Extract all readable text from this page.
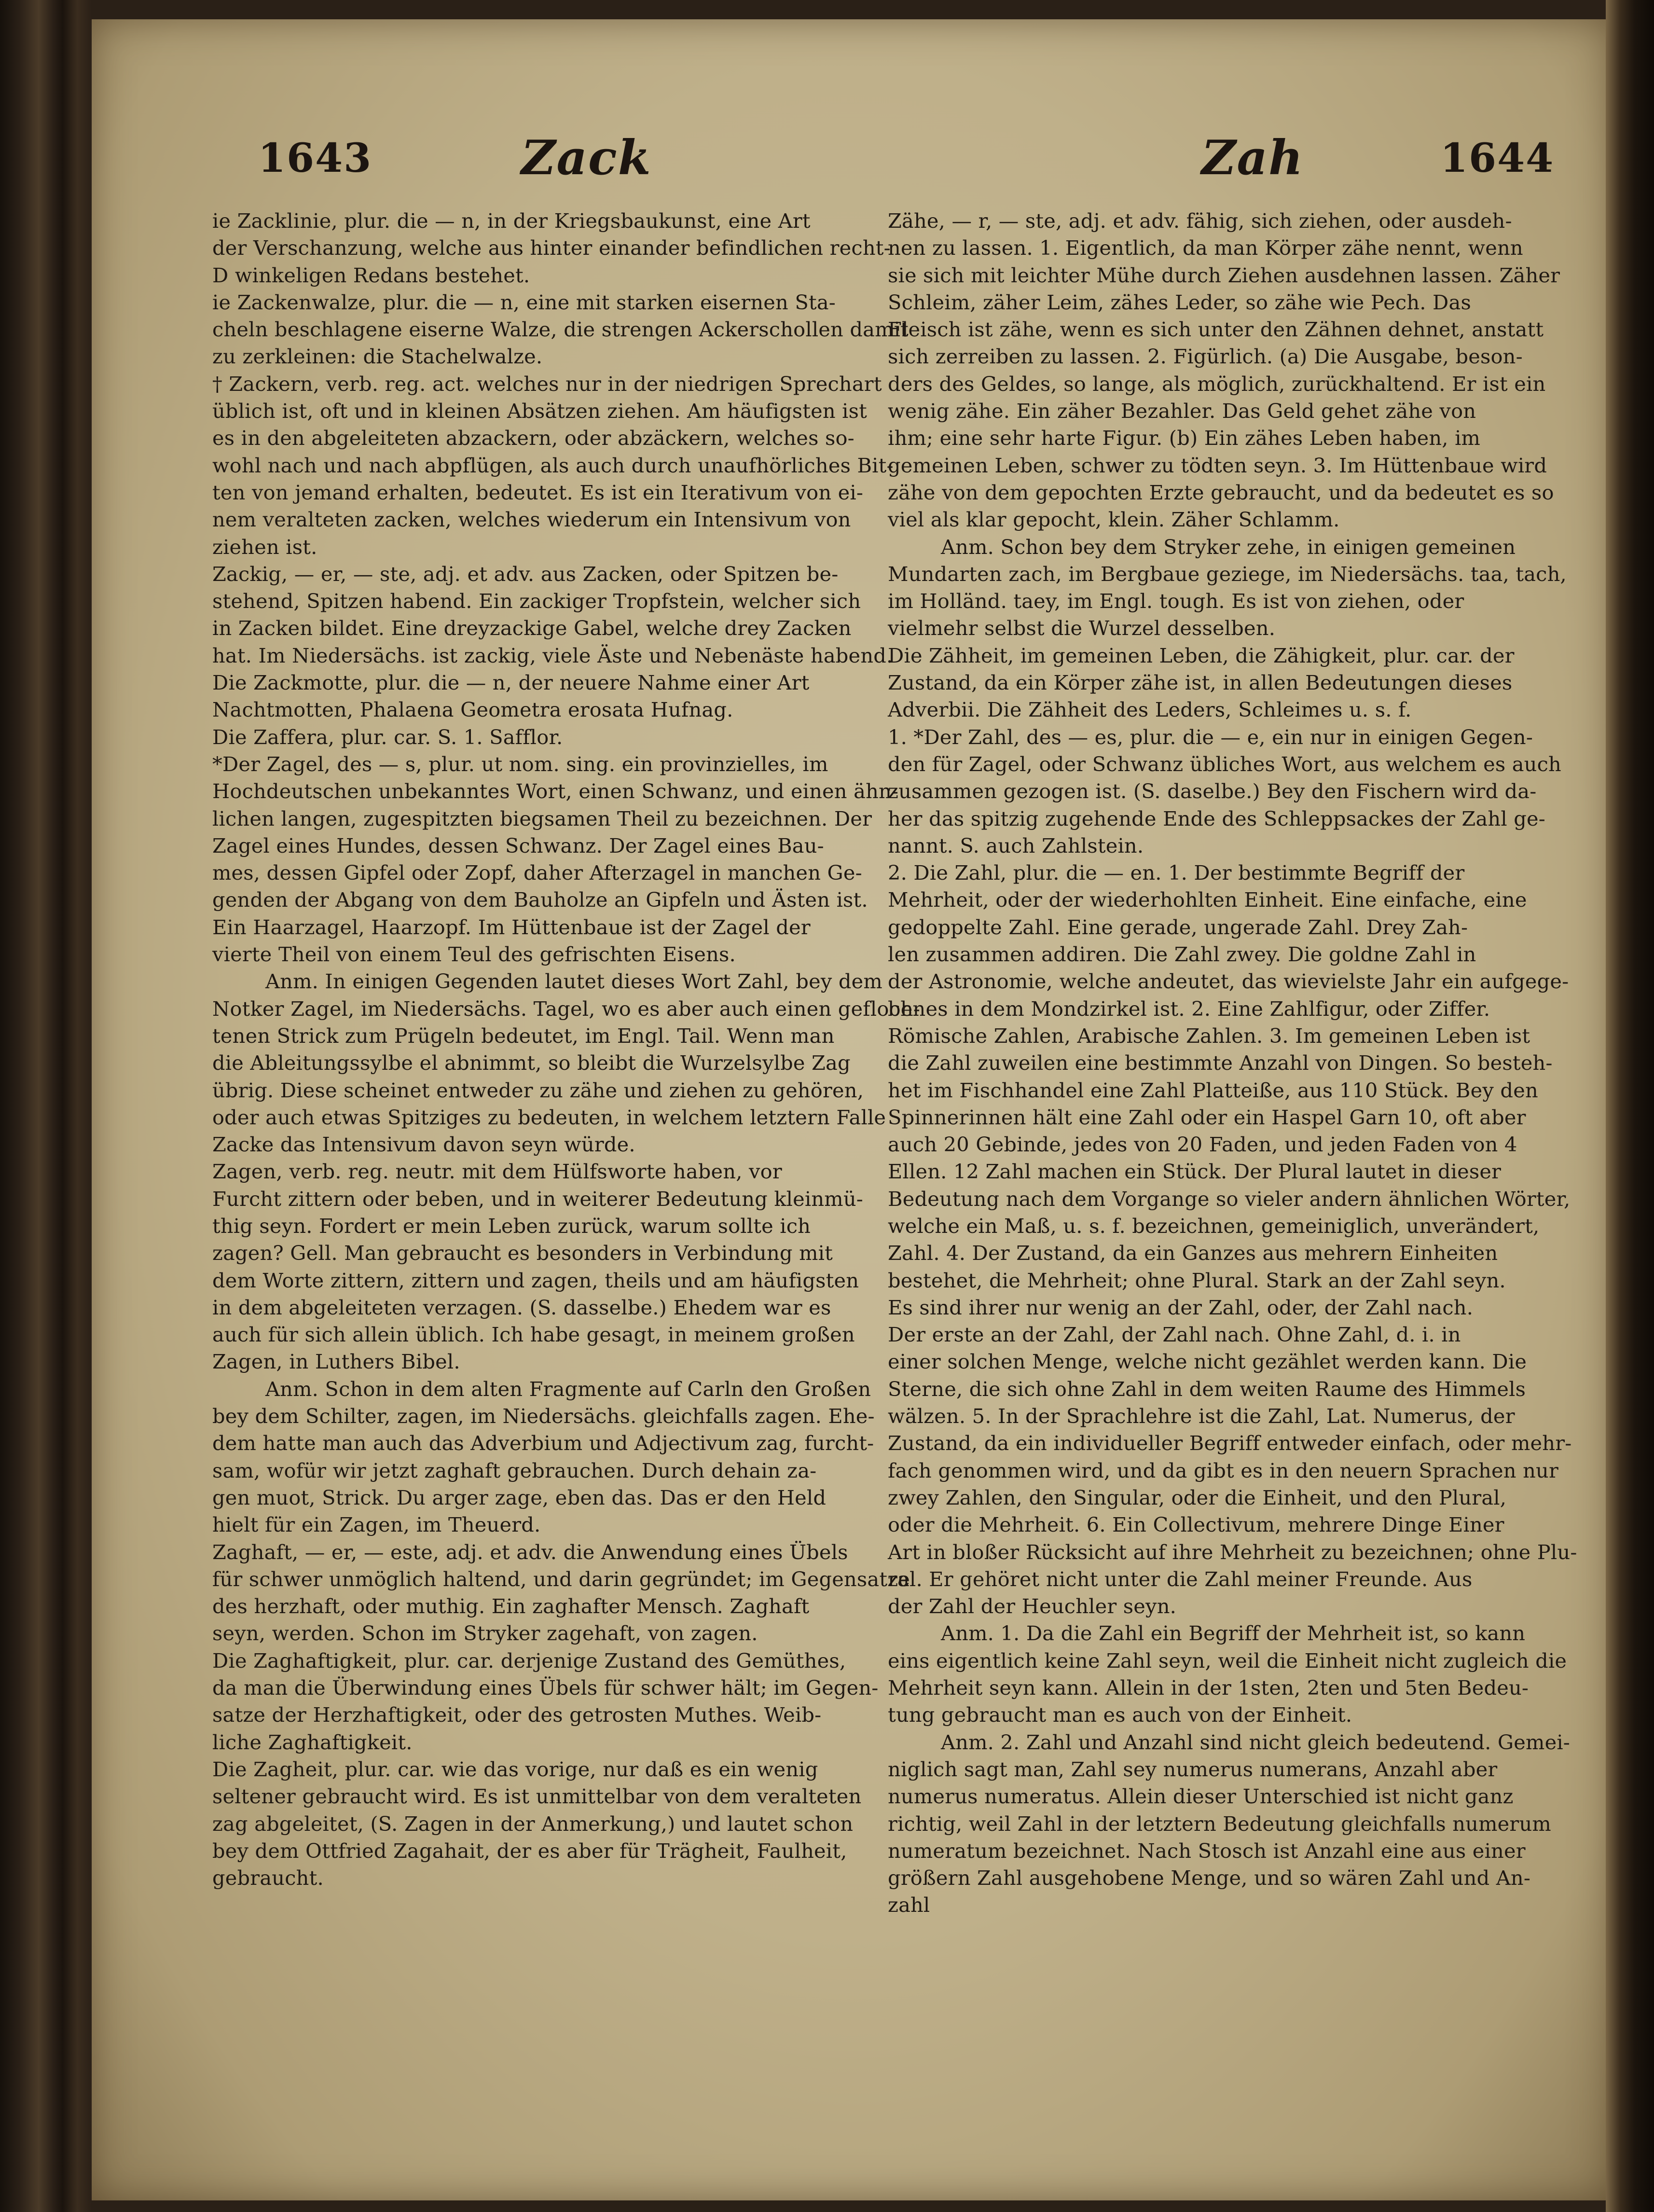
1643	Zack	Zah	1644
ie Zacklinie, plur. die — n, in der Kriegsbaukunst, eine Art
der Verschanzung, welche aus hinter einander befindlichen recht-
D winkeligen Redans bestehet.
ie Zackenwalze, plur. die — n, eine mit starken eisernen Sta-
cheln beschlagene eiserne Walze, die strengen Ackerschollen damit
zu zerkleinen: die Stachelwalze.
† Zackern, verb. reg. act. welches nur in der niedrigen Sprechart
üblich ist, oft und in kleinen Absätzen ziehen. Am häufigsten ist
es in den abgeleiteten abzackern, oder abzäckern, welches so-
wohl nach und nach abpflügen, als auch durch unaufhörliches Bit-
ten von jemand erhalten, bedeutet. Es ist ein Iterativum von ei-
nem veralteten zacken, welches wiederum ein Intensivum von
ziehen ist.
Zackig, — er, — ste, adj. et adv. aus Zacken, oder Spitzen be-
stehend, Spitzen habend. Ein zackiger Tropfstein, welcher sich
in Zacken bildet. Eine dreyzackige Gabel, welche drey Zacken
hat. Im Niedersächs. ist zackig, viele Äste und Nebenäste habend.
Die Zackmotte, plur. die — n, der neuere Nahme einer Art
Nachtmotten, Phalaena Geometra erosata Hufnag.
Die Zaffera, plur. car. S. 1. Safflor.
*Der Zagel, des — s, plur. ut nom. sing. ein provinzielles, im
Hochdeutschen unbekanntes Wort, einen Schwanz, und einen ähn-
lichen langen, zugespitzten biegsamen Theil zu bezeichnen. Der
Zagel eines Hundes, dessen Schwanz. Der Zagel eines Bau-
mes, dessen Gipfel oder Zopf, daher Afterzagel in manchen Ge-
genden der Abgang von dem Bauholze an Gipfeln und Ästen ist.
Ein Haarzagel, Haarzopf. Im Hüttenbaue ist der Zagel der
vierte Theil von einem Teul des gefrischten Eisens.
Anm. In einigen Gegenden lautet dieses Wort Zahl, bey dem
Notker Zagel, im Niedersächs. Tagel, wo es aber auch einen gefloch-
tenen Strick zum Prügeln bedeutet, im Engl. Tail. Wenn man
die Ableitungssylbe el abnimmt, so bleibt die Wurzelsylbe Zag
übrig. Diese scheinet entweder zu zähe und ziehen zu gehören,
oder auch etwas Spitziges zu bedeuten, in welchem letztern Falle
Zacke das Intensivum davon seyn würde.
Zagen, verb. reg. neutr. mit dem Hülfsworte haben, vor
Furcht zittern oder beben, und in weiterer Bedeutung kleinmü-
thig seyn. Fordert er mein Leben zurück, warum sollte ich
zagen? Gell. Man gebraucht es besonders in Verbindung mit
dem Worte zittern, zittern und zagen, theils und am häufigsten
in dem abgeleiteten verzagen. (S. dasselbe.) Ehedem war es
auch für sich allein üblich. Ich habe gesagt, in meinem großen
Zagen, in Luthers Bibel.
Anm. Schon in dem alten Fragmente auf Carln den Großen
bey dem Schilter, zagen, im Niedersächs. gleichfalls zagen. Ehe-
dem hatte man auch das Adverbium und Adjectivum zag, furcht-
sam, wofür wir jetzt zaghaft gebrauchen. Durch dehain za-
gen muot, Strick. Du arger zage, eben das. Das er den Held
hielt für ein Zagen, im Theuerd.
Zaghaft, — er, — este, adj. et adv. die Anwendung eines Übels
für schwer unmöglich haltend, und darin gegründet; im Gegensatze
des herzhaft, oder muthig. Ein zaghafter Mensch. Zaghaft
seyn, werden. Schon im Stryker zagehaft, von zagen.
Die Zaghaftigkeit, plur. car. derjenige Zustand des Gemüthes,
da man die Überwindung eines Übels für schwer hält; im Gegen-
satze der Herzhaftigkeit, oder des getrosten Muthes. Weib-
liche Zaghaftigkeit.
Die Zagheit, plur. car. wie das vorige, nur daß es ein wenig
seltener gebraucht wird. Es ist unmittelbar von dem veralteten
zag abgeleitet, (S. Zagen in der Anmerkung,) und lautet schon
bey dem Ottfried Zagahait, der es aber für Trägheit, Faulheit,
gebraucht.
Zähe, — r, — ste, adj. et adv. fähig, sich ziehen, oder ausdeh-
nen zu lassen. 1. Eigentlich, da man Körper zähe nennt, wenn
sie sich mit leichter Mühe durch Ziehen ausdehnen lassen. Zäher
Schleim, zäher Leim, zähes Leder, so zähe wie Pech. Das
Fleisch ist zähe, wenn es sich unter den Zähnen dehnet, anstatt
sich zerreiben zu lassen. 2. Figürlich. (a) Die Ausgabe, beson-
ders des Geldes, so lange, als möglich, zurückhaltend. Er ist ein
wenig zähe. Ein zäher Bezahler. Das Geld gehet zähe von
ihm; eine sehr harte Figur. (b) Ein zähes Leben haben, im
gemeinen Leben, schwer zu tödten seyn. 3. Im Hüttenbaue wird
zähe von dem gepochten Erzte gebraucht, und da bedeutet es so
viel als klar gepocht, klein. Zäher Schlamm.
Anm. Schon bey dem Stryker zehe, in einigen gemeinen
Mundarten zach, im Bergbaue geziege, im Niedersächs. taa, tach,
im Holländ. taey, im Engl. tough. Es ist von ziehen, oder
vielmehr selbst die Wurzel desselben.
Die Zähheit, im gemeinen Leben, die Zähigkeit, plur. car. der
Zustand, da ein Körper zähe ist, in allen Bedeutungen dieses
Adverbii. Die Zähheit des Leders, Schleimes u. s. f.
1. *Der Zahl, des — es, plur. die — e, ein nur in einigen Gegen-
den für Zagel, oder Schwanz übliches Wort, aus welchem es auch
zusammen gezogen ist. (S. daselbe.) Bey den Fischern wird da-
her das spitzig zugehende Ende des Schleppsackes der Zahl ge-
nannt. S. auch Zahlstein.
2. Die Zahl, plur. die — en. 1. Der bestimmte Begriff der
Mehrheit, oder der wiederhohlten Einheit. Eine einfache, eine
gedoppelte Zahl. Eine gerade, ungerade Zahl. Drey Zah-
len zusammen addiren. Die Zahl zwey. Die goldne Zahl in
der Astronomie, welche andeutet, das wievielste Jahr ein aufgege-
benes in dem Mondzirkel ist. 2. Eine Zahlfigur, oder Ziffer.
Römische Zahlen, Arabische Zahlen. 3. Im gemeinen Leben ist
die Zahl zuweilen eine bestimmte Anzahl von Dingen. So besteh-
het im Fischhandel eine Zahl Platteiße, aus 110 Stück. Bey den
Spinnerinnen hält eine Zahl oder ein Haspel Garn 10, oft aber
auch 20 Gebinde, jedes von 20 Faden, und jeden Faden von 4
Ellen. 12 Zahl machen ein Stück. Der Plural lautet in dieser
Bedeutung nach dem Vorgange so vieler andern ähnlichen Wörter,
welche ein Maß, u. s. f. bezeichnen, gemeiniglich, unverändert,
Zahl. 4. Der Zustand, da ein Ganzes aus mehrern Einheiten
bestehet, die Mehrheit; ohne Plural. Stark an der Zahl seyn.
Es sind ihrer nur wenig an der Zahl, oder, der Zahl nach.
Der erste an der Zahl, der Zahl nach. Ohne Zahl, d. i. in
einer solchen Menge, welche nicht gezählet werden kann. Die
Sterne, die sich ohne Zahl in dem weiten Raume des Himmels
wälzen. 5. In der Sprachlehre ist die Zahl, Lat. Numerus, der
Zustand, da ein individueller Begriff entweder einfach, oder mehr-
fach genommen wird, und da gibt es in den neuern Sprachen nur
zwey Zahlen, den Singular, oder die Einheit, und den Plural,
oder die Mehrheit. 6. Ein Collectivum, mehrere Dinge Einer
Art in bloßer Rücksicht auf ihre Mehrheit zu bezeichnen; ohne Plu-
ral. Er gehöret nicht unter die Zahl meiner Freunde. Aus
der Zahl der Heuchler seyn.
Anm. 1. Da die Zahl ein Begriff der Mehrheit ist, so kann
eins eigentlich keine Zahl seyn, weil die Einheit nicht zugleich die
Mehrheit seyn kann. Allein in der 1sten, 2ten und 5ten Bedeu-
tung gebraucht man es auch von der Einheit.
Anm. 2. Zahl und Anzahl sind nicht gleich bedeutend. Gemei-
niglich sagt man, Zahl sey numerus numerans, Anzahl aber
numerus numeratus. Allein dieser Unterschied ist nicht ganz
richtig, weil Zahl in der letztern Bedeutung gleichfalls numerum
numeratum bezeichnet. Nach Stosch ist Anzahl eine aus einer
größern Zahl ausgehobene Menge, und so wären Zahl und An-
zahl
